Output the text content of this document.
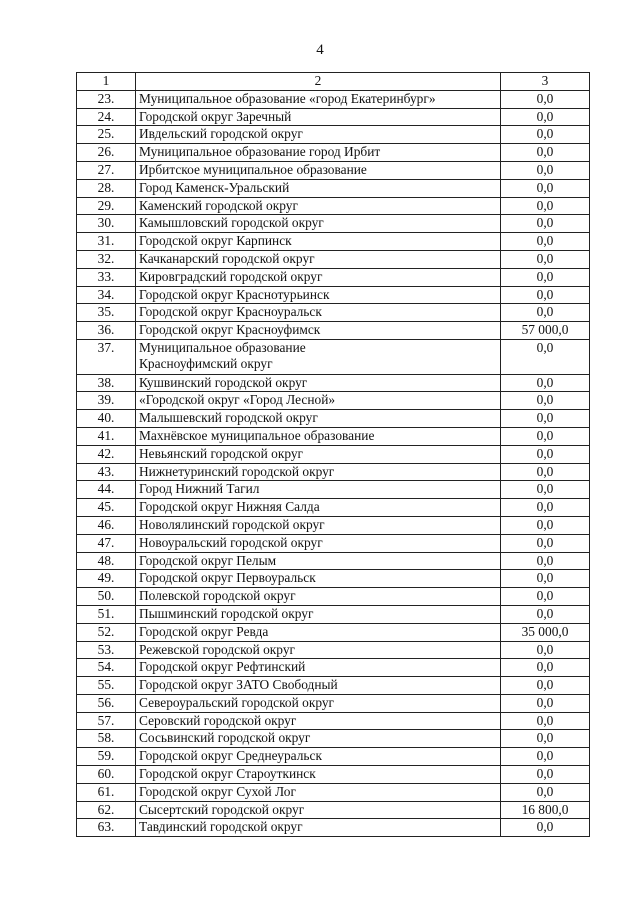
4
1	2	3
23.	Муниципальное образование «город Екатеринбург»	0,0
24.	Городской округ Заречный	0,0
25.	Ивдельский городской округ	0,0
26.	Муниципальное образование город Ирбит	0,0
27.	Ирбитское муниципальное образование	0,0
28.	Город Каменск-Уральский	0,0
29.	Каменский городской округ	0,0
30.	Камышловский городской округ	0,0
31.	Городской округ Карпинск	0,0
32.	Качканарский городской округ	0,0
33.	Кировградский городской округ	0,0
34.	Городской округ Краснотурьинск	0,0
35.	Городской округ Красноуральск	0,0
36.	Городской округ Красноуфимск	57 000,0
37.	Муниципальное образование
Красноуфимский округ	0,0
38.	Кушвинский городской округ	0,0
39.	«Городской округ «Город Лесной»	0,0
40.	Малышевский городской округ	0,0
41.	Махнёвское муниципальное образование	0,0
42.	Невьянский городской округ	0,0
43.	Нижнетуринский городской округ	0,0
44.	Город Нижний Тагил	0,0
45.	Городской округ Нижняя Салда	0,0
46.	Новолялинский городской округ	0,0
47.	Новоуральский городской округ	0,0
48.	Городской округ Пелым	0,0
49.	Городской округ Первоуральск	0,0
50.	Полевской городской округ	0,0
51.	Пышминский городской округ	0,0
52.	Городской округ Ревда	35 000,0
53.	Режевской городской округ	0,0
54.	Городской округ Рефтинский	0,0
55.	Городской округ ЗАТО Свободный	0,0
56.	Североуральский городской округ	0,0
57.	Серовский городской округ	0,0
58.	Сосьвинский городской округ	0,0
59.	Городской округ Среднеуральск	0,0
60.	Городской округ Староуткинск	0,0
61.	Городской округ Сухой Лог	0,0
62.	Сысертский городской округ	16 800,0
63.	Тавдинский городской округ	0,0
